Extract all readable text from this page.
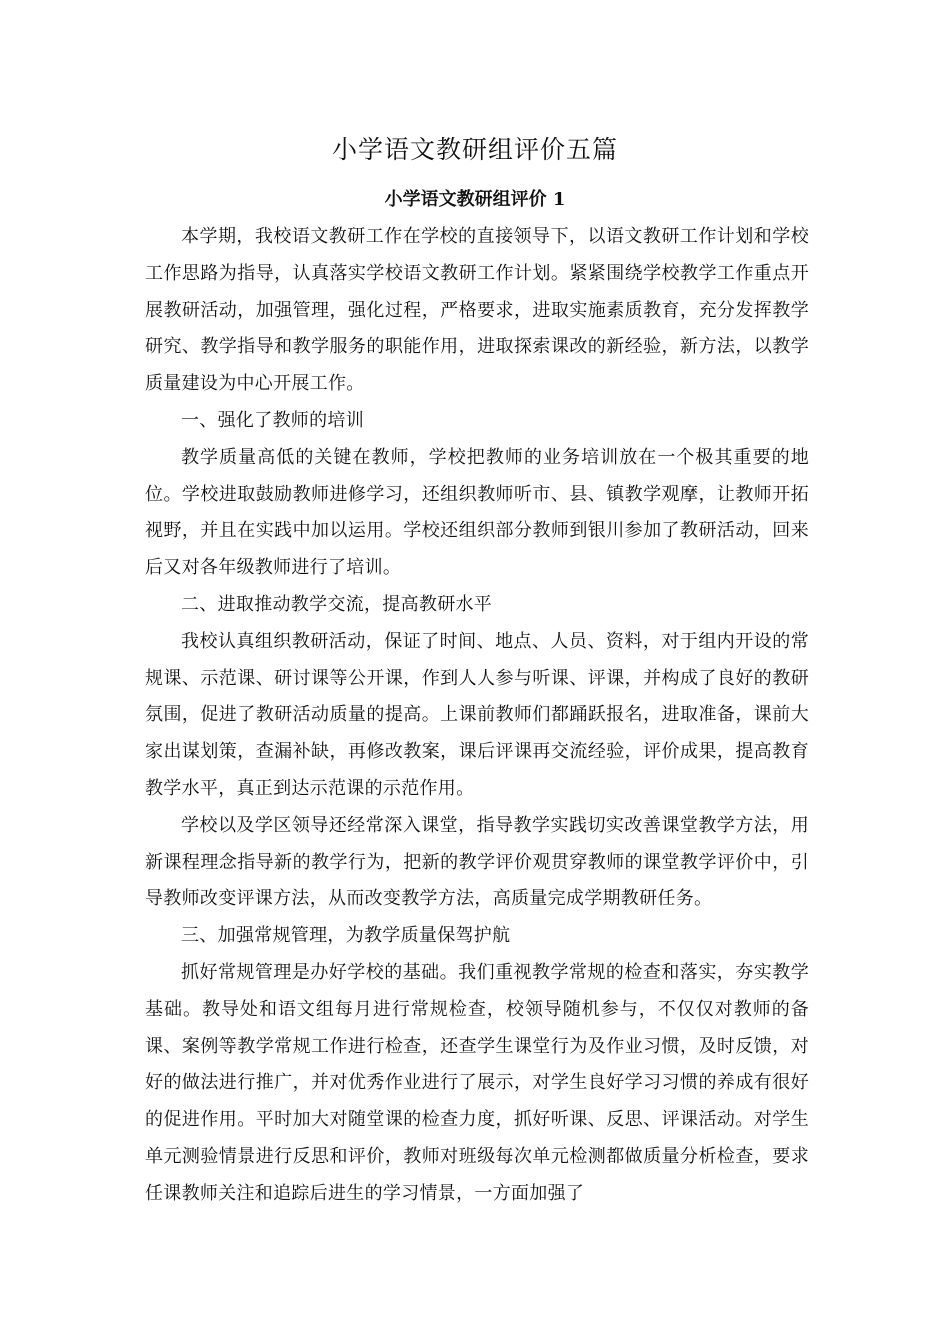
小学语文教研组评价五篇
小学语文教研组评价 1

本学期，我校语文教研工作在学校的直接领导下，以语文教研工作计划和学校工作思路为指导，认真落实学校语文教研工作计划。紧紧围绕学校教学工作重点开展教研活动，加强管理，强化过程，严格要求，进取实施素质教育，充分发挥教学研究、教学指导和教学服务的职能作用，进取探索课改的新经验，新方法，以教学质量建设为中心开展工作。

一、强化了教师的培训

教学质量高低的关键在教师，学校把教师的业务培训放在一个极其重要的地位。学校进取鼓励教师进修学习，还组织教师听市、县、镇教学观摩，让教师开拓视野，并且在实践中加以运用。学校还组织部分教师到银川参加了教研活动，回来后又对各年级教师进行了培训。

二、进取推动教学交流，提高教研水平

我校认真组织教研活动，保证了时间、地点、人员、资料，对于组内开设的常规课、示范课、研讨课等公开课，作到人人参与听课、评课，并构成了良好的教研氛围，促进了教研活动质量的提高。上课前教师们都踊跃报名，进取准备，课前大家出谋划策，查漏补缺，再修改教案，课后评课再交流经验，评价成果，提高教育教学水平，真正到达示范课的示范作用。

学校以及学区领导还经常深入课堂，指导教学实践切实改善课堂教学方法，用新课程理念指导新的教学行为，把新的教学评价观贯穿教师的课堂教学评价中，引导教师改变评课方法，从而改变教学方法，高质量完成学期教研任务。

三、加强常规管理，为教学质量保驾护航

抓好常规管理是办好学校的基础。我们重视教学常规的检查和落实，夯实教学基础。教导处和语文组每月进行常规检查，校领导随机参与，不仅仅对教师的备课、案例等教学常规工作进行检查，还查学生课堂行为及作业习惯，及时反馈，对好的做法进行推广，并对优秀作业进行了展示，对学生良好学习习惯的养成有很好的促进作用。平时加大对随堂课的检查力度，抓好听课、反思、评课活动。对学生单元测验情景进行反思和评价，教师对班级每次单元检测都做质量分析检查，要求任课教师关注和追踪后进生的学习情景，一方面加强了
